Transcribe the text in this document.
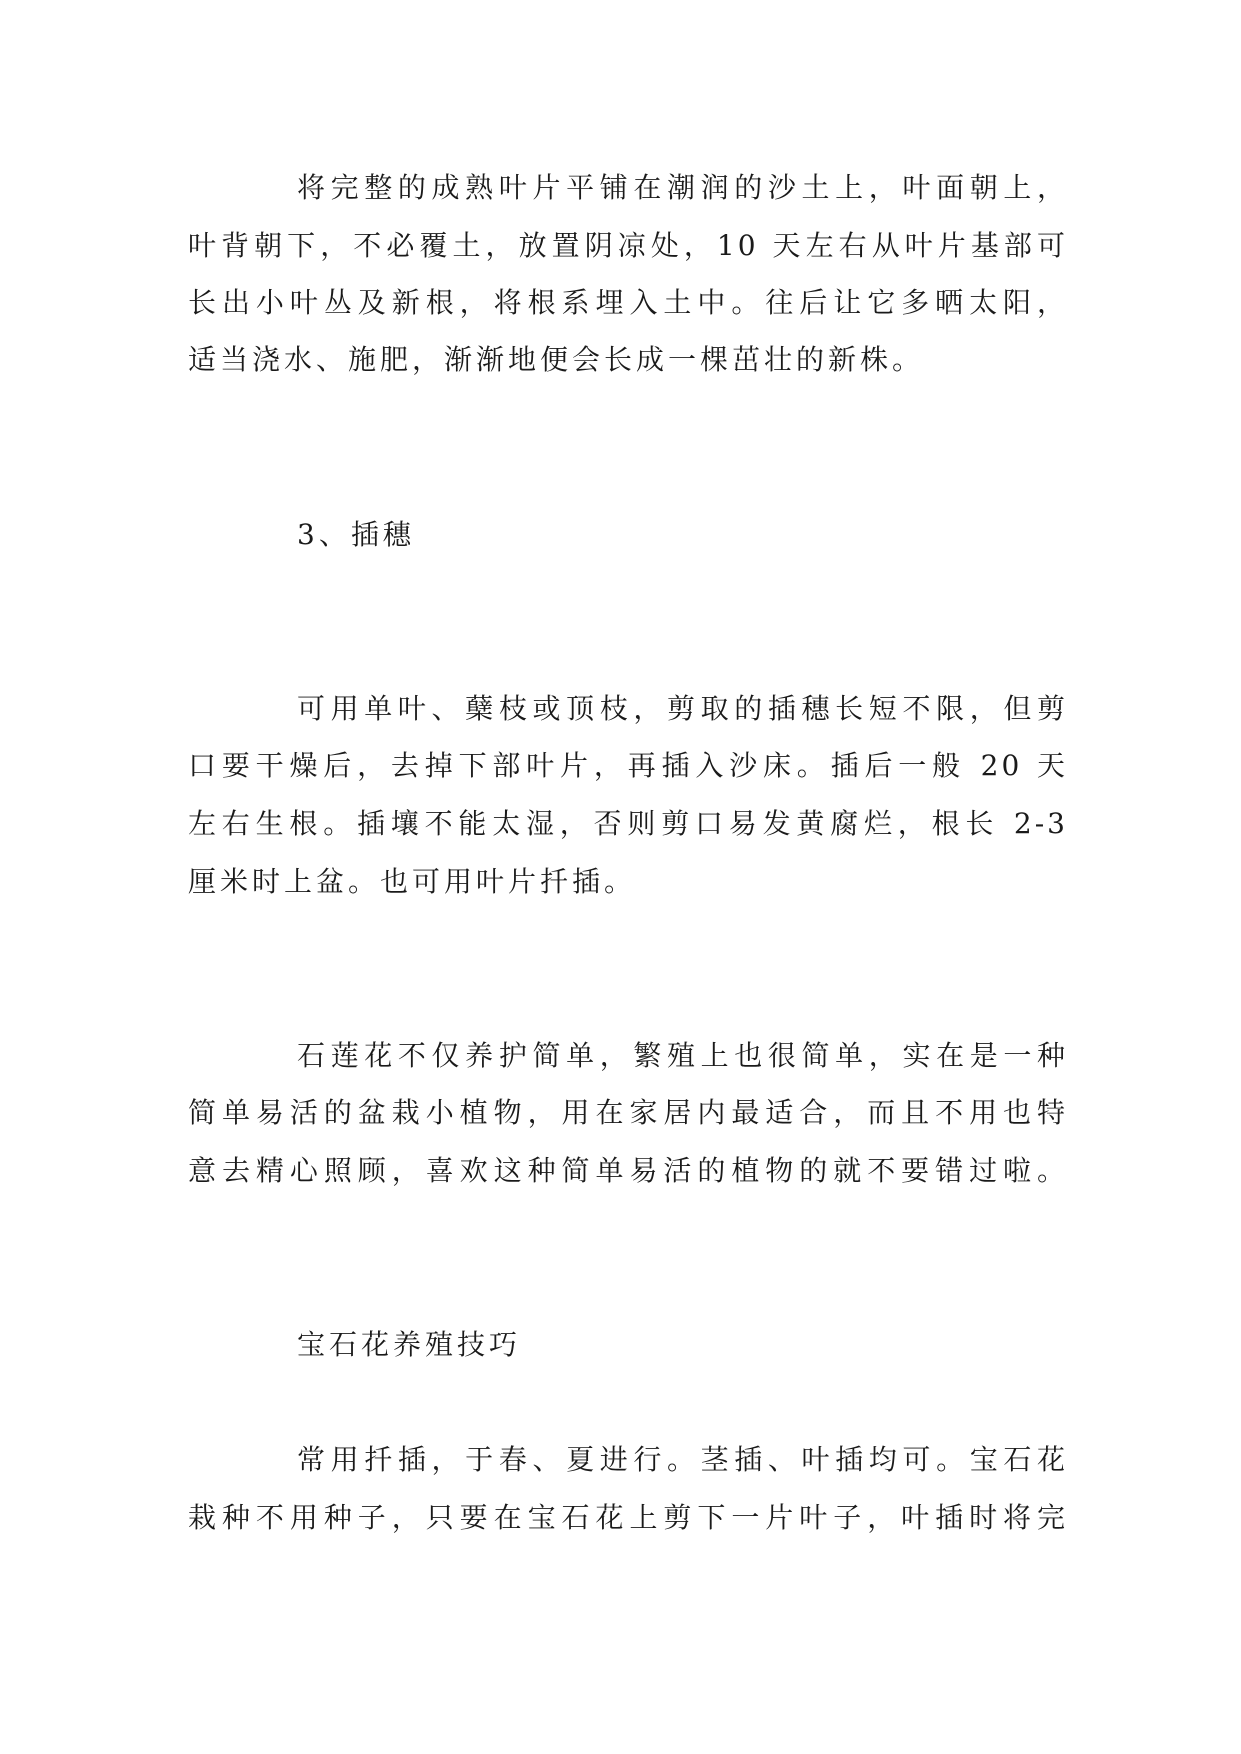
将完整的成熟叶片平铺在潮润的沙土上，叶面朝上，
叶背朝下，不必覆土，放置阴凉处，10 天左右从叶片基部可
长出小叶丛及新根，将根系埋入土中。往后让它多晒太阳，
适当浇水、施肥，渐渐地便会长成一棵茁壮的新株。
3、插穗
可用单叶、蘖枝或顶枝，剪取的插穗长短不限，但剪
口要干燥后，去掉下部叶片，再插入沙床。插后一般 20 天
左右生根。插壤不能太湿，否则剪口易发黄腐烂，根长 2-3
厘米时上盆。也可用叶片扦插。
石莲花不仅养护简单，繁殖上也很简单，实在是一种
简单易活的盆栽小植物，用在家居内最适合，而且不用也特
意去精心照顾，喜欢这种简单易活的植物的就不要错过啦。
宝石花养殖技巧
常用扦插，于春、夏进行。茎插、叶插均可。宝石花
栽种不用种子，只要在宝石花上剪下一片叶子，叶插时将完
